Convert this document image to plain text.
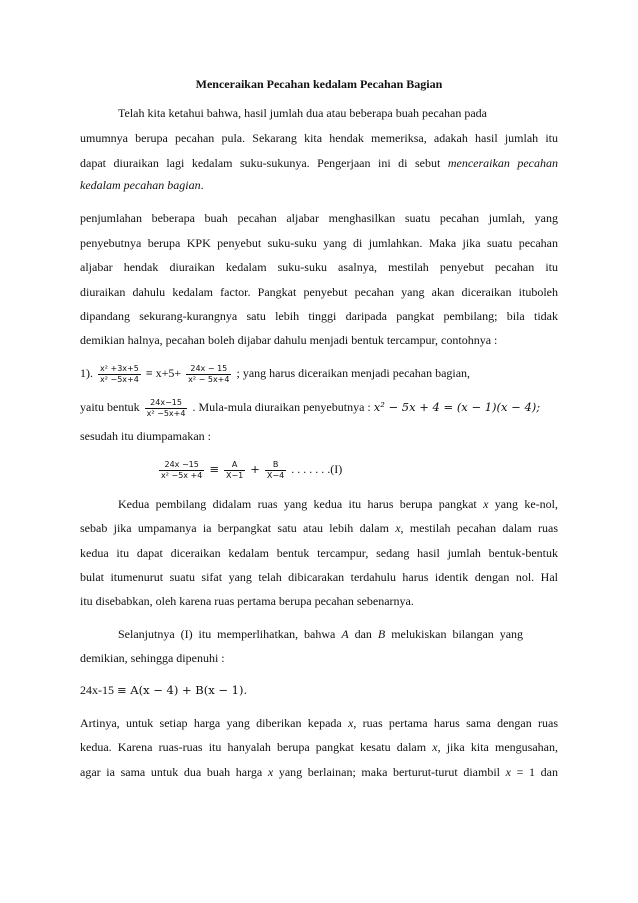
Menceraikan Pecahan kedalam Pecahan Bagian
Telah kita ketahui bahwa, hasil jumlah dua atau beberapa buah pecahan pada
umumnya berupa pecahan pula. Sekarang kita hendak memeriksa, adakah hasil jumlah itu
dapat diuraikan lagi kedalam suku-sukunya. Pengerjaan ini di sebut menceraikan pecahan
kedalam pecahan bagian.
penjumlahan beberapa buah pecahan aljabar menghasilkan suatu pecahan jumlah, yang
penyebutnya berupa KPK penyebut suku-suku yang di jumlahkan. Maka jika suatu pecahan
aljabar hendak diuraikan kedalam suku-suku asalnya, mestilah penyebut pecahan itu
diuraikan dahulu kedalam factor. Pangkat penyebut pecahan yang akan diceraikan ituboleh
dipandang sekurang-kurangnya satu lebih tinggi daripada pangkat pembilang; bila tidak
demikian halnya, pecahan boleh dijabar dahulu menjadi bentuk tercampur, contohnya :
1). $\frac{\text{x² +3x+5}}{\text{x² −5x+4}} \equiv x+5+ \frac{24x - 15}{\text{x² − 5x+4}}$ ; yang harus diceraikan menjadi pecahan bagian,
yaitu bentuk $\frac{24x-15}{\text{x² −5x+4}}$ . Mula-mula diuraikan penyebutnya : x² − 5x + 4 = (x − 1)(x − 4);
sesudah itu diumpamakan :
$\frac{24x -15}{\text{x² −5x +4}} \equiv \frac{A}{X-1} + \frac{B}{X-4}$ . . . . . . .(I)
Kedua pembilang didalam ruas yang kedua itu harus berupa pangkat x yang ke-nol,
sebab jika umpamanya ia berpangkat satu atau lebih dalam x, mestilah pecahan dalam ruas
kedua itu dapat diceraikan kedalam bentuk tercampur, sedang hasil jumlah bentuk-bentuk
bulat itumenurut suatu sifat yang telah dibicarakan terdahulu harus identik dengan nol. Hal
itu disebabkan, oleh karena ruas pertama berupa pecahan sebenarnya.
Selanjutnya (I) itu memperlihatkan, bahwa A dan B melukiskan bilangan yang
demikian, sehingga dipenuhi :
24x-15 ≡ A(x − 4) + B(x − 1).
Artinya, untuk setiap harga yang diberikan kepada x, ruas pertama harus sama dengan ruas
kedua. Karena ruas-ruas itu hanyalah berupa pangkat kesatu dalam x, jika kita mengusahan,
agar ia sama untuk dua buah harga x yang berlainan; maka berturut-turut diambil x = 1 dan
